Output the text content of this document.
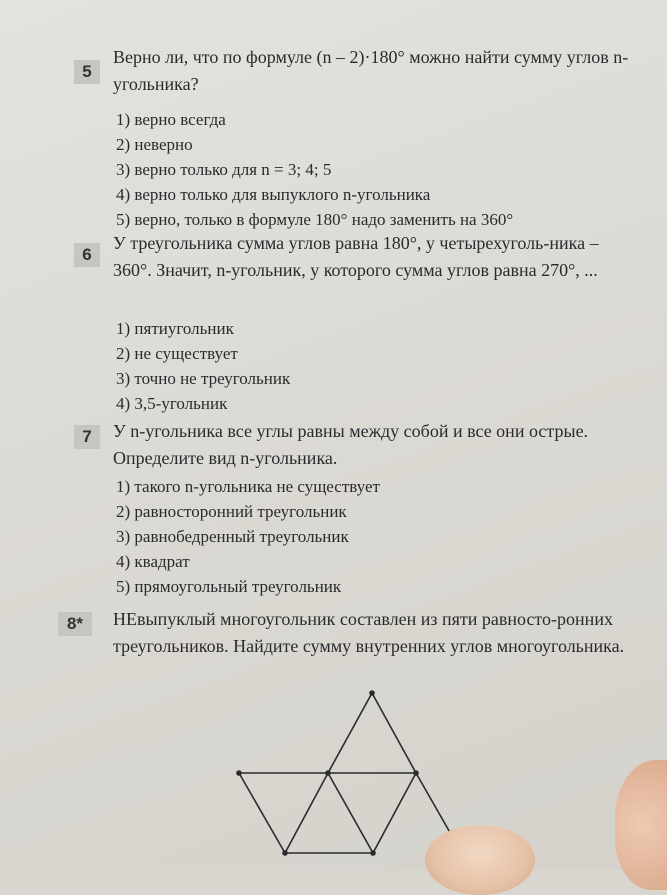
5

Верно ли, что по формуле (n – 2)·180° можно найти сумму углов n-угольника?

1) верно всегда
2) неверно
3) верно только для n = 3; 4; 5
4) верно только для выпуклого n-угольника
5) верно, только в формуле 180° надо заменить на 360°
6

У треугольника сумма углов равна 180°, у четырехуголь-ника – 360°. Значит, n-угольник, у которого сумма углов равна 270°, ...

1) пятиугольник
2) не существует
3) точно не треугольник
4) 3,5-угольник
7	У n-угольника все углы равны между собой и все они острые. Определите вид n-угольника.

1) такого n-угольника не существует
2) равносторонний треугольник
3) равнобедренный треугольник
4) квадрат
5) прямоугольный треугольник
8*	НЕвыпуклый многоугольник составлен из пяти равносто-ронних треугольников. Найдите сумму внутренних углов многоугольника.
